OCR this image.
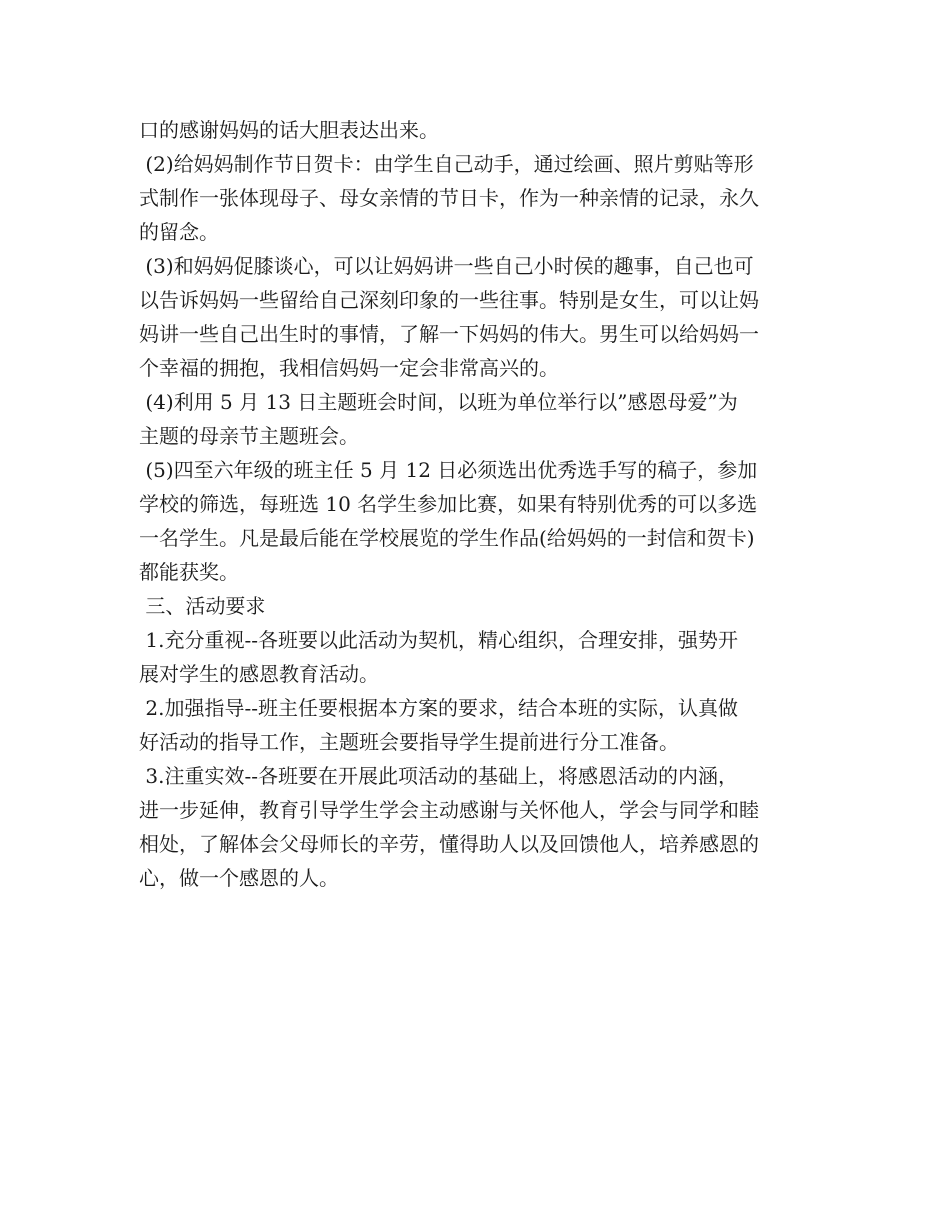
口的感谢妈妈的话大胆表达出来。
(2)给妈妈制作节日贺卡：由学生自己动手，通过绘画、照片剪贴等形
式制作一张体现母子、母女亲情的节日卡，作为一种亲情的记录，永久
的留念。
(3)和妈妈促膝谈心，可以让妈妈讲一些自己小时侯的趣事，自己也可
以告诉妈妈一些留给自己深刻印象的一些往事。特别是女生，可以让妈
妈讲一些自己出生时的事情，了解一下妈妈的伟大。男生可以给妈妈一
个幸福的拥抱，我相信妈妈一定会非常高兴的。
(4)利用 5 月 13 日主题班会时间，以班为单位举行以”感恩母爱”为
主题的母亲节主题班会。
(5)四至六年级的班主任 5 月 12 日必须选出优秀选手写的稿子，参加
学校的筛选，每班选 10 名学生参加比赛，如果有特别优秀的可以多选
一名学生。凡是最后能在学校展览的学生作品(给妈妈的一封信和贺卡)
都能获奖。
三、活动要求
1.充分重视--各班要以此活动为契机，精心组织，合理安排，强势开
展对学生的感恩教育活动。
2.加强指导--班主任要根据本方案的要求，结合本班的实际，认真做
好活动的指导工作，主题班会要指导学生提前进行分工准备。
3.注重实效--各班要在开展此项活动的基础上，将感恩活动的内涵，
进一步延伸，教育引导学生学会主动感谢与关怀他人，学会与同学和睦
相处，了解体会父母师长的辛劳，懂得助人以及回馈他人，培养感恩的
心，做一个感恩的人。
